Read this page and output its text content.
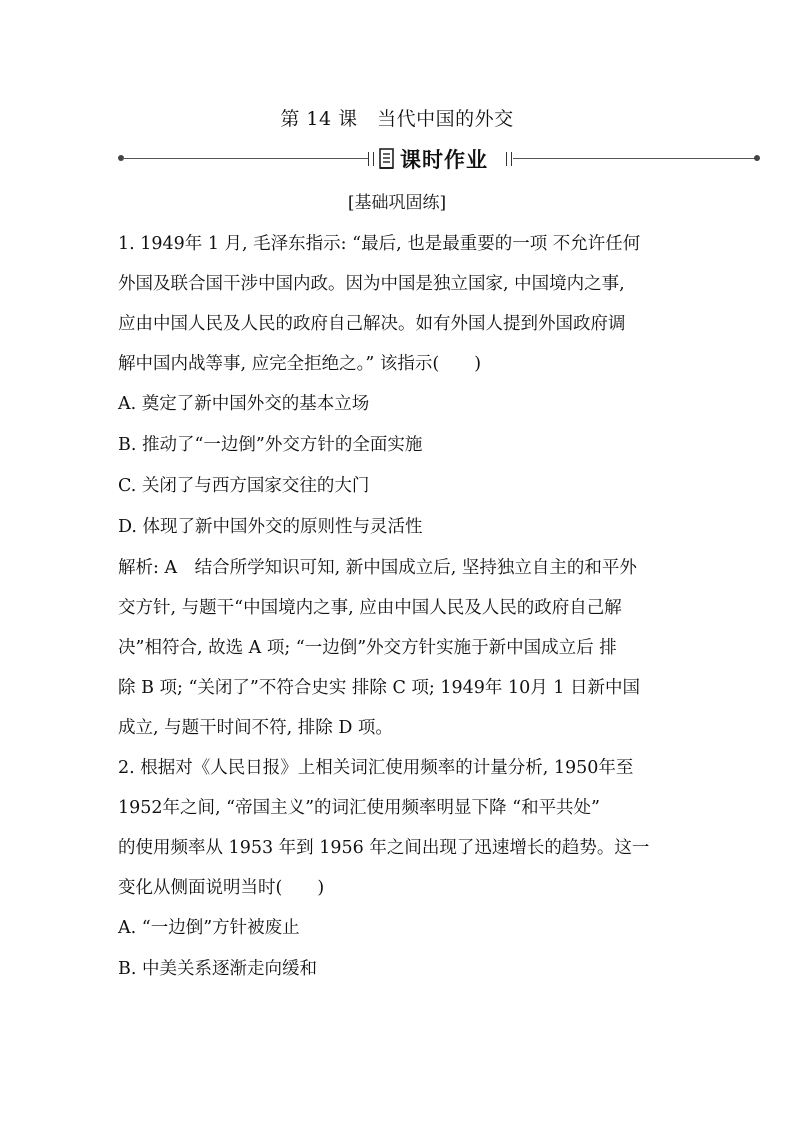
第 14 课　当代中国的外交
课时作业
[基础巩固练]

1. 1949年 1 月, 毛泽东指示: “最后, 也是最重要的一项 不允许任何

外国及联合国干涉中国内政。因为中国是独立国家, 中国境内之事,

应由中国人民及人民的政府自己解决。如有外国人提到外国政府调

解中国内战等事, 应完全拒绝之。” 该指示(　　)

A. 奠定了新中国外交的基本立场

B. 推动了“一边倒”外交方针的全面实施

C. 关闭了与西方国家交往的大门

D. 体现了新中国外交的原则性与灵活性

解析: A　结合所学知识可知, 新中国成立后, 坚持独立自主的和平外

交方针, 与题干“中国境内之事, 应由中国人民及人民的政府自己解

决”相符合, 故选 A 项; “一边倒”外交方针实施于新中国成立后 排

除 B 项; “关闭了”不符合史实 排除 C 项; 1949年 10月 1 日新中国

成立, 与题干时间不符, 排除 D 项。

2. 根据对《人民日报》上相关词汇使用频率的计量分析, 1950年至

1952年之间, “帝国主义”的词汇使用频率明显下降 “和平共处”

的使用频率从 1953 年到 1956 年之间出现了迅速增长的趋势。这一

变化从侧面说明当时(　　)

A. “一边倒”方针被废止

B. 中美关系逐渐走向缓和
